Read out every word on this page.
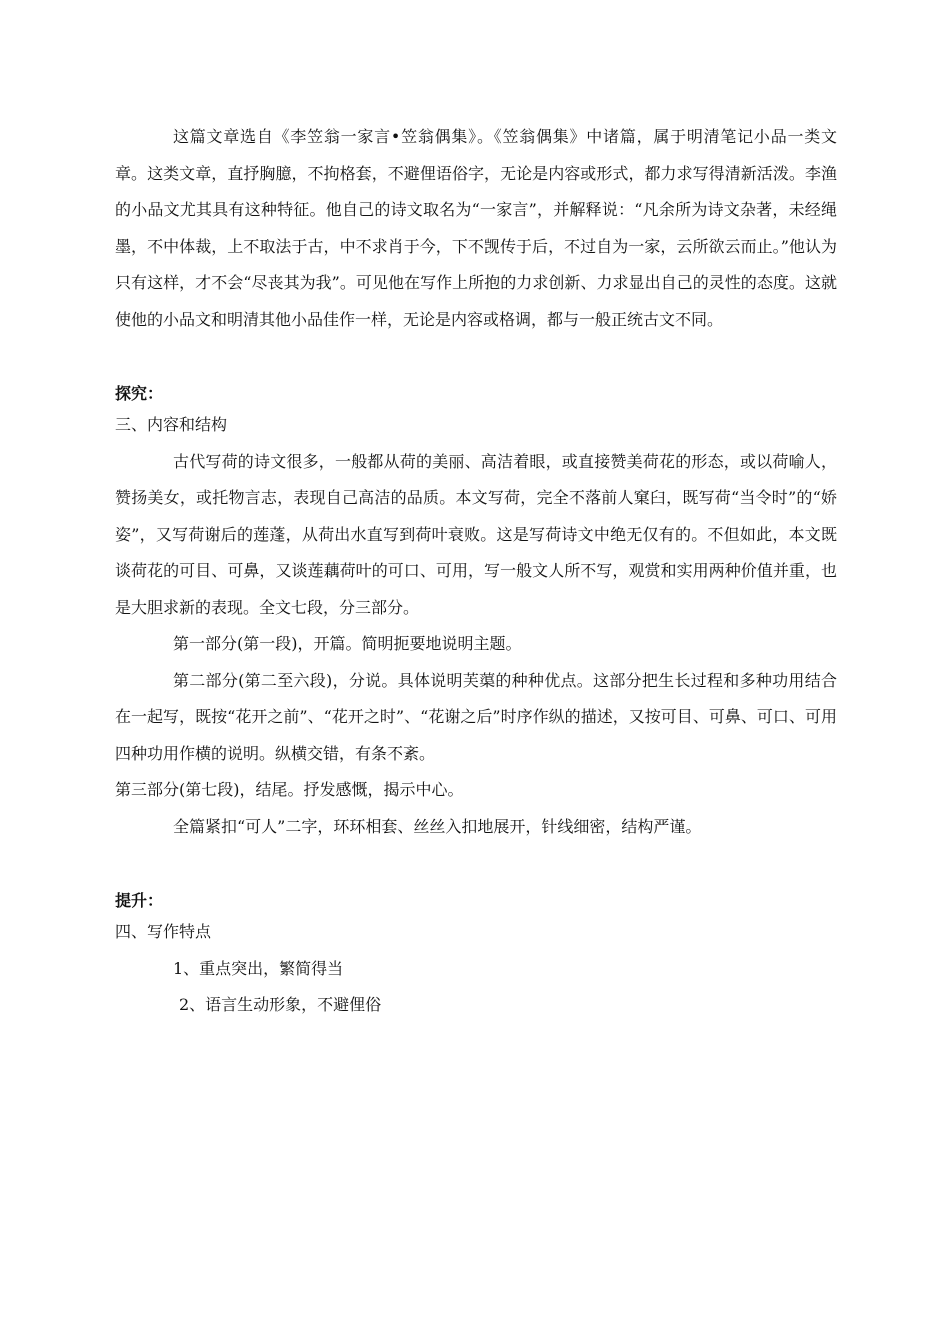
这篇文章选自《李笠翁一家言•笠翁偶集》。《笠翁偶集》中诸篇，属于明清笔记小品一类文章。这类文章，直抒胸臆，不拘格套，不避俚语俗字，无论是内容或形式，都力求写得清新活泼。李渔的小品文尤其具有这种特征。他自己的诗文取名为“一家言”，并解释说：“凡余所为诗文杂著，未经绳墨，不中体裁，上不取法于古，中不求肖于今，下不觊传于后，不过自为一家，云所欲云而止。”他认为只有这样，才不会“尽丧其为我”。可见他在写作上所抱的力求创新、力求显出自己的灵性的态度。这就使他的小品文和明清其他小品佳作一样，无论是内容或格调，都与一般正统古文不同。

探究：

三、内容和结构

古代写荷的诗文很多，一般都从荷的美丽、高洁着眼，或直接赞美荷花的形态，或以荷喻人，赞扬美女，或托物言志，表现自己高洁的品质。本文写荷，完全不落前人窠臼，既写荷“当令时”的“娇姿”，又写荷谢后的莲蓬，从荷出水直写到荷叶衰败。这是写荷诗文中绝无仅有的。不但如此，本文既谈荷花的可目、可鼻，又谈莲藕荷叶的可口、可用，写一般文人所不写，观赏和实用两种价值并重，也是大胆求新的表现。全文七段，分三部分。

第一部分(第一段)，开篇。简明扼要地说明主题。

第二部分(第二至六段)，分说。具体说明芙蕖的种种优点。这部分把生长过程和多种功用结合在一起写，既按“花开之前”、“花开之时”、“花谢之后”时序作纵的描述，又按可目、可鼻、可口、可用四种功用作横的说明。纵横交错，有条不紊。

第三部分(第七段)，结尾。抒发感慨，揭示中心。

全篇紧扣“可人”二字，环环相套、丝丝入扣地展开，针线细密，结构严谨。

提升：

四、写作特点

1、重点突出，繁简得当

2、语言生动形象，不避俚俗
